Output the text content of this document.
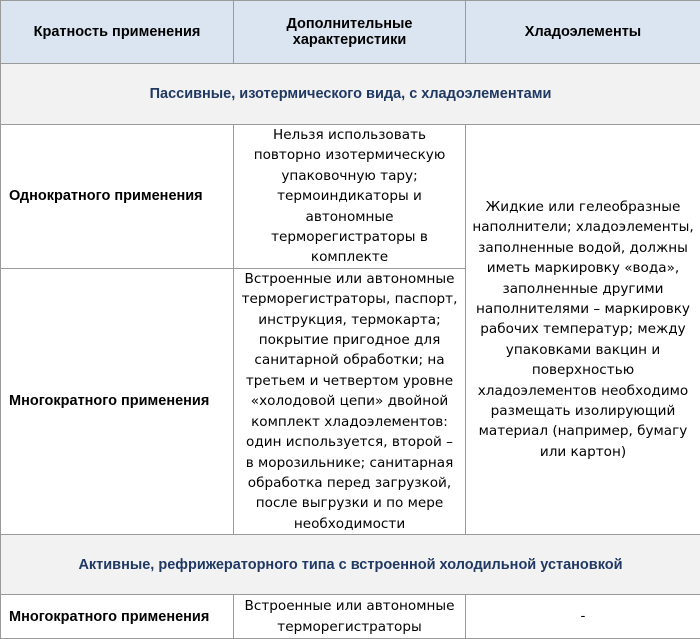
Кратность применения	Дополнительные характеристики	Хладоэлементы
Пассивные, изотермического вида, с хладоэлементами		
Однократного применения	Нельзя использовать повторно изотермическую упаковочную тару; термоиндикаторы и автономные терморегистраторы в комплекте	Жидкие или гелеобразные наполнители; хладоэлементы, заполненные водой, должны иметь маркировку «вода», заполненные другими наполнителями – маркировку рабочих температур; между упаковками вакцин и поверхностью хладоэлементов необходимо размещать изолирующий материал (например, бумагу или картон)
Многократного применения	Встроенные или автономные терморегистраторы, паспорт, инструкция, термокарта; покрытие пригодное для санитарной обработки; на третьем и четвертом уровне «холодовой цепи» двойной комплект хладоэлементов: один используется, второй – в морозильнике; санитарная обработка перед загрузкой, после выгрузки и по мере необходимости	
Активные, рефрижераторного типа с встроенной холодильной установкой		
Многократного применения	Встроенные или автономные терморегистраторы	-
